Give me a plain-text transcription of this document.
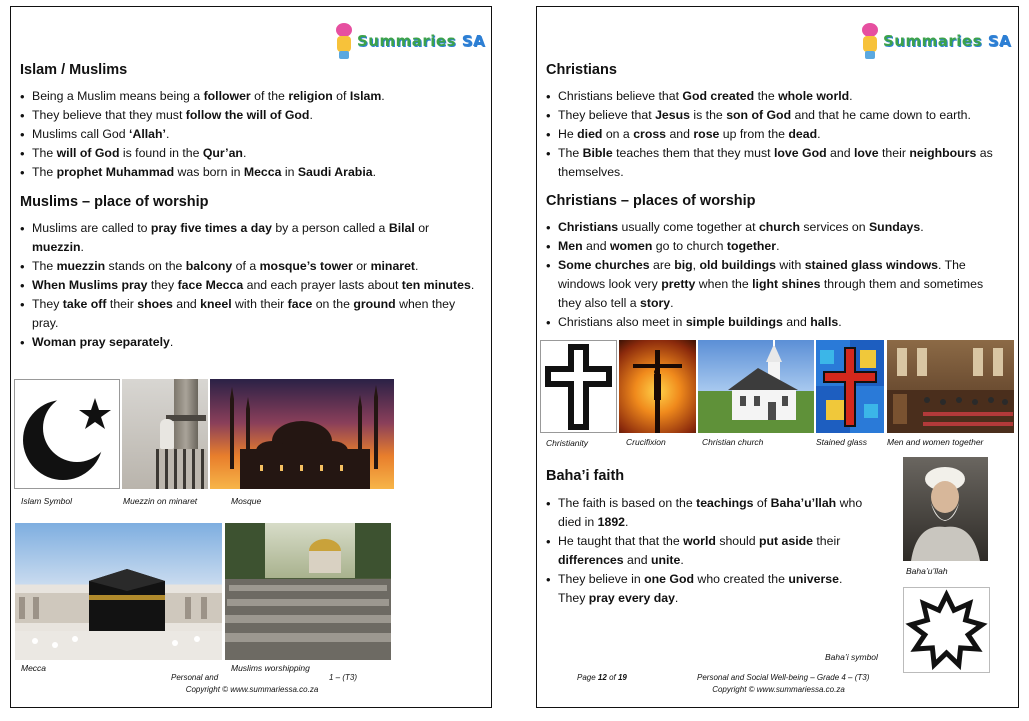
Summaries SA
Islam / Muslims
• Being a Muslim means being a follower of the religion of Islam.
• They believe that they must follow the will of God.
• Muslims call God ‘Allah’.
• The will of God is found in the Qur’an.
• The prophet Muhammad was born in Mecca in Saudi Arabia.
Muslims – place of worship
• Muslims are called to pray five times a day by a person called a Bilal or muezzin.
• The muezzin stands on the balcony of a mosque’s tower or minaret.
• When Muslims pray they face Mecca and each prayer lasts about ten minutes.
• They take off their shoes and kneel with their face on the ground when they pray.
• Woman pray separately.
Islam Symbol	Muezzin on minaret	Mosque
Mecca	Muslims worshipping
Personal and	1 – (T3)
Copyright © www.summariessa.co.za
Summaries SA
Christians
• Christians believe that God created the whole world.
• They believe that Jesus is the son of God and that he came down to earth.
• He died on a cross and rose up from the dead.
• The Bible teaches them that they must love God and love their neighbours as themselves.
Christians – places of worship
• Christians usually come together at church services on Sundays.
• Men and women go to church together.
• Some churches are big, old buildings with stained glass windows. The windows look very pretty when the light shines through them and sometimes they also tell a story.
• Christians also meet in simple buildings and halls.
Christianity	Crucifixion	Christian church	Stained glass Men and women together
Baha’i faith
• The faith is based on the teachings of Baha’u’llah who died in 1892.
• He taught that that the world should put aside their differences and unite.
• They believe in one God who created the universe. They pray every day.
Baha’u’llah
Baha’i symbol
Page 12 of 19	Personal and Social Well-being – Grade 4 – (T3)
Copyright © www.summariessa.co.za
